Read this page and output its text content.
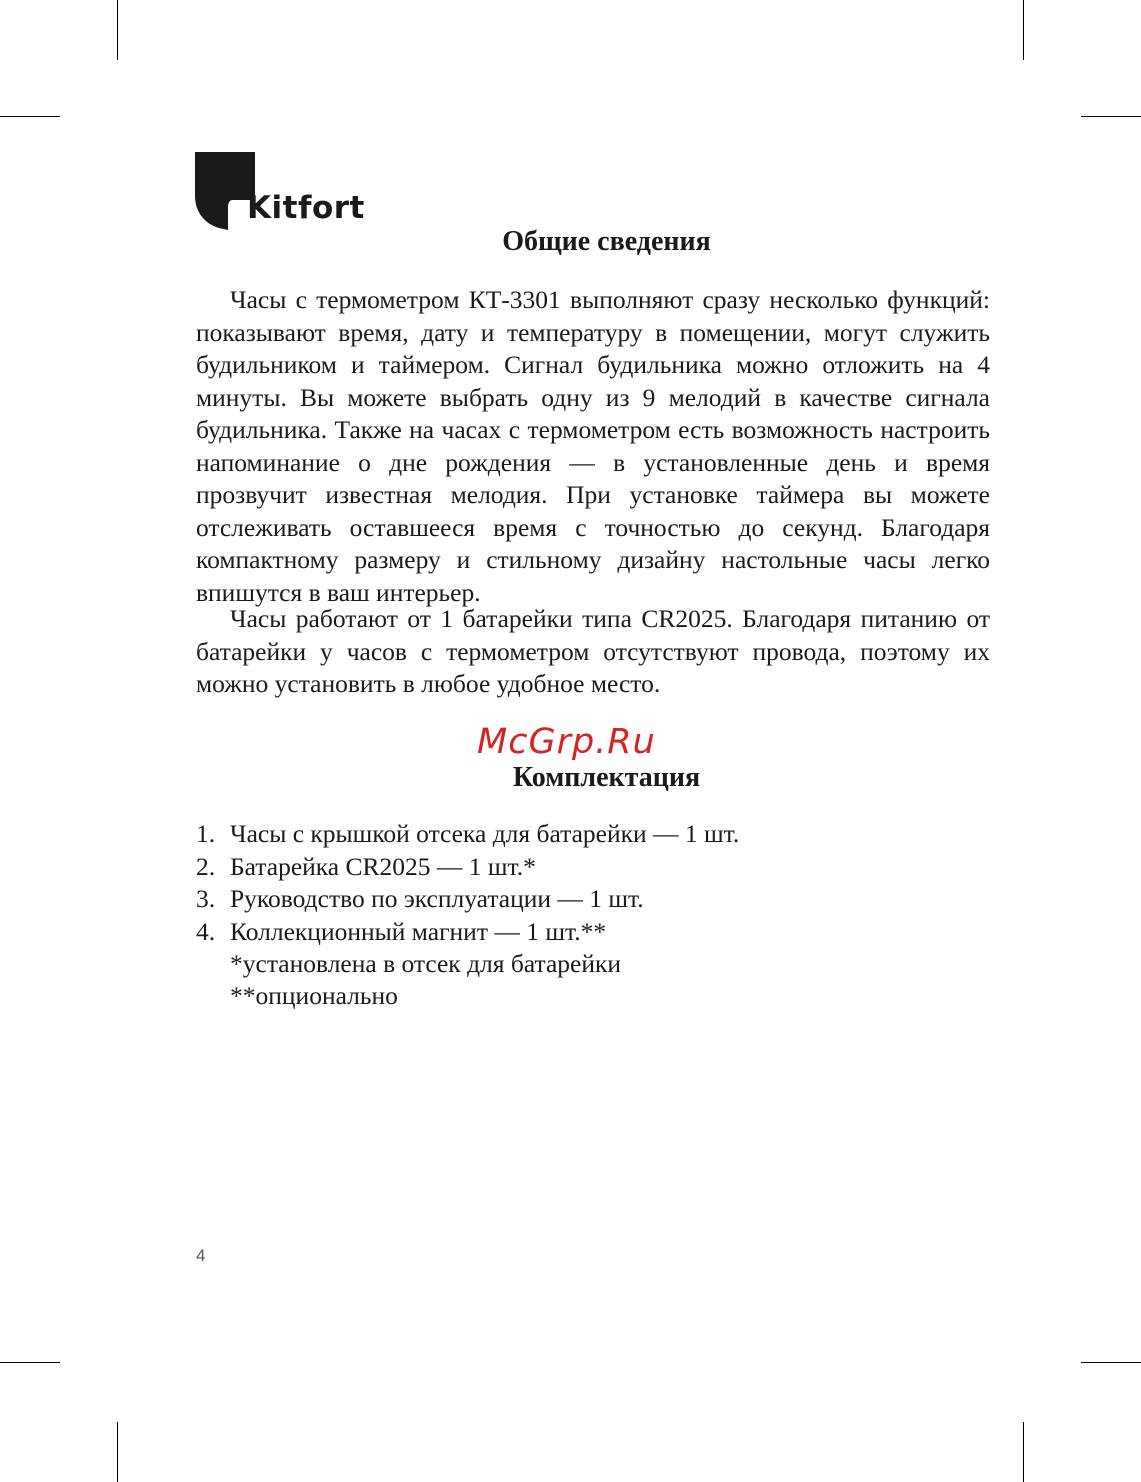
Kitfort
Общие сведения

Часы с термометром КТ-3301 выполняют сразу несколько функций: показывают время, дату и температуру в помещении, могут служить будильником и таймером. Сигнал будильника можно отложить на 4 минуты. Вы можете выбрать одну из 9 мелодий в качестве сигнала будильника. Также на часах с термометром есть возможность настроить напоминание о дне рождения — в установленные день и время прозвучит известная мелодия. При установке таймера вы можете отслеживать оставшееся время с точностью до секунд. Благодаря компактному размеру и стильному дизайну настольные часы легко впишутся в ваш интерьер.

Часы работают от 1 батарейки типа CR2025. Благодаря питанию от батарейки у часов с термометром отсутствуют провода, поэтому их можно установить в любое удобное место.

McGrp.Ru
Комплектация
1. Часы с крышкой отсека для батарейки — 1 шт.
2. Батарейка CR2025 — 1 шт.*
3. Руководство по эксплуатации — 1 шт.
4. Коллекционный магнит — 1 шт.**
*установлена в отсек для батарейки
**опционально
4
